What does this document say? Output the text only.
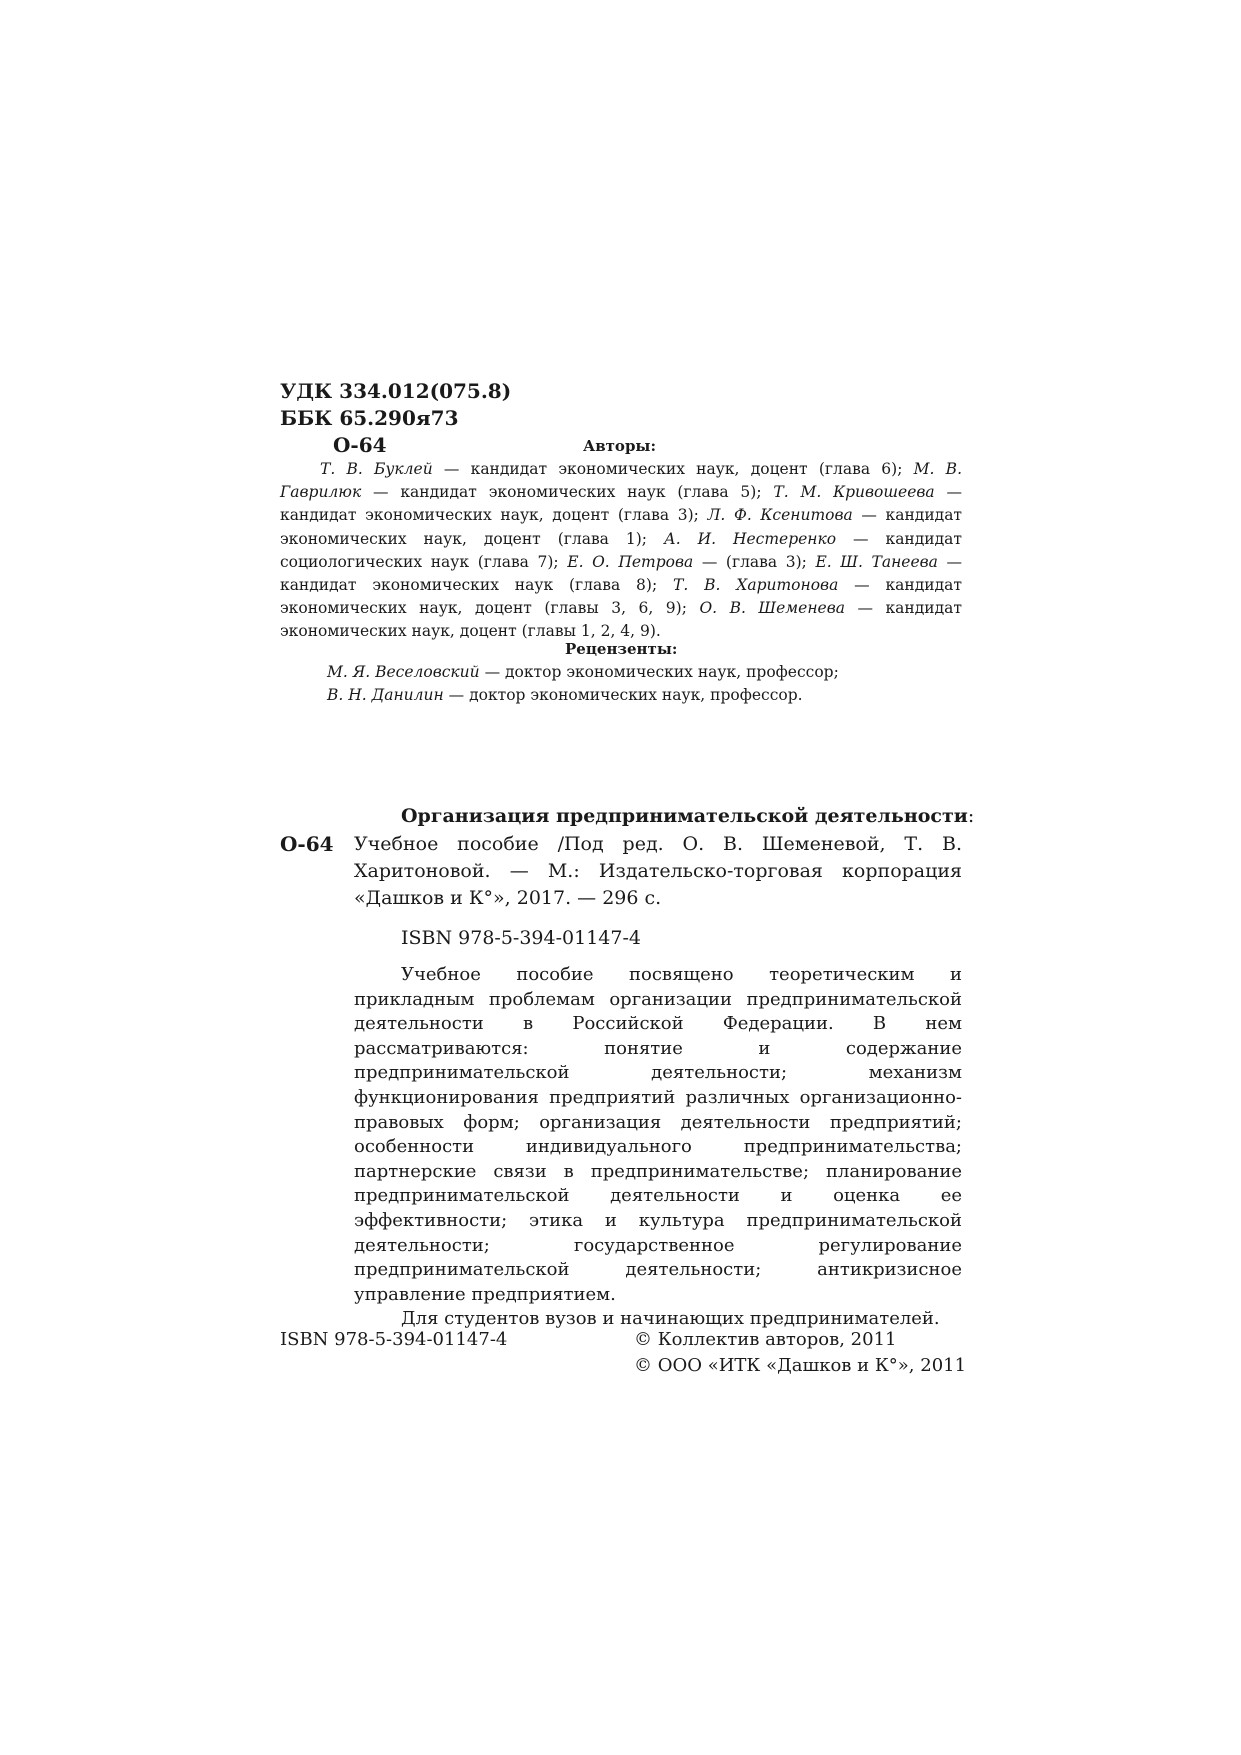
УДК 334.012(075.8)
ББК 65.290я73
О-64	Авторы:
Т. В. Буклей — кандидат экономических наук, доцент (глава 6); М. В. Гаврилюк — кандидат экономических наук (глава 5); Т. М. Кривошеева — кандидат экономических наук, доцент (глава 3); Л. Ф. Ксенитова — кандидат экономических наук, доцент (глава 1); А. И. Нестеренко — кандидат социологических наук (глава 7); Е. О. Петрова — (глава 3); Е. Ш. Танеева — кандидат экономических наук (глава 8); Т. В. Харитонова — кандидат экономических наук, доцент (главы 3, 6, 9); О. В. Шеменева — кандидат экономических наук, доцент (главы 1, 2, 4, 9).
Рецензенты:
М. Я. Веселовский — доктор экономических наук, профессор;
В. Н. Данилин — доктор экономических наук, профессор.
Организация предпринимательской деятельности:
О-64 Учебное пособие /Под ред. О. В. Шеменевой, Т. В. Харитоновой. — М.: Издательско-торговая корпорация «Дашков и К°», 2017. — 296 с.
ISBN 978-5-394-01147-4

Учебное пособие посвящено теоретическим и прикладным проблемам организации предпринимательской деятельности в Российской Федерации. В нем рассматриваются: понятие и содержание предпринимательской деятельности; механизм функционирования предприятий различных организационно-правовых форм; организация деятельности предприятий; особенности индивидуального предпринимательства; партнерские связи в предпринимательстве; планирование предпринимательской деятельности и оценка ее эффективности; этика и культура предпринимательской деятельности; государственное регулирование предпринимательской деятельности; антикризисное управление предприятием.

Для студентов вузов и начинающих предпринимателей.

ISBN 978-5-394-01147-4	© Коллектив авторов, 2011
© ООО «ИТК «Дашков и К°», 2011
